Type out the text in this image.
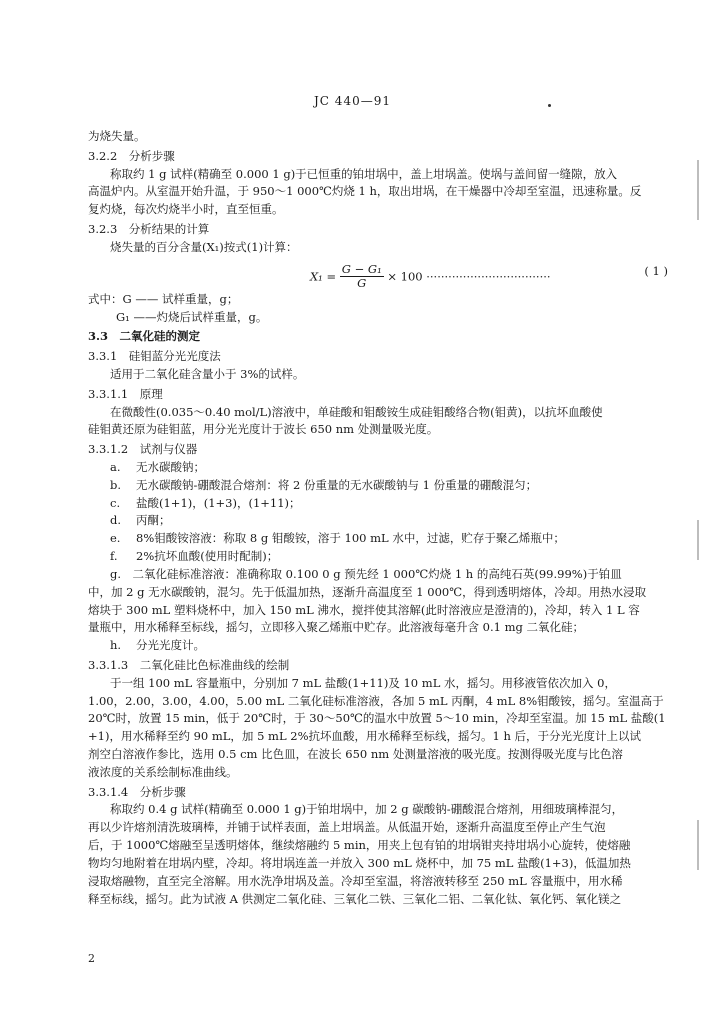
JC 440—91

为烧失量。

3.2.2　分析步骤

称取约 1 g 试样(精确至 0.000 1 g)于已恒重的铂坩埚中，盖上坩埚盖。使埚与盖间留一缝隙，放入

高温炉内。从室温开始升温，于 950～1 000℃灼烧 1 h，取出坩埚，在干燥器中冷却至室温，迅速称量。反

复灼烧，每次灼烧半小时，直至恒重。

3.2.3　分析结果的计算

烧失量的百分含量(X₁)按式(1)计算：

$X_1 = \frac{\text{G − G₁}}{G} \times 100$ ··································	( 1 )

式中：G —— 试样重量，g；

G₁ ——灼烧后试样重量，g。

3.3　二氧化硅的测定

3.3.1　硅钼蓝分光光度法

适用于二氧化硅含量小于 3%的试样。

3.3.1.1　原理

在微酸性(0.035～0.40 mol/L)溶液中，单硅酸和钼酸铵生成硅钼酸络合物(钼黄)，以抗坏血酸使

硅钼黄还原为硅钼蓝，用分光光度计于波长 650 nm 处测量吸光度。

3.3.1.2　试剂与仪器

a. 无水碳酸钠；

b. 无水碳酸钠-硼酸混合熔剂：将 2 份重量的无水碳酸钠与 1 份重量的硼酸混匀；

c. 盐酸(1+1)，(1+3)，(1+11)；

d. 丙酮；

e. 8%钼酸铵溶液：称取 8 g 钼酸铵，溶于 100 mL 水中，过滤，贮存于聚乙烯瓶中；

f. 2%抗坏血酸(使用时配制)；

g.　二氧化硅标准溶液：准确称取 0.100 0 g 预先经 1 000℃灼烧 1 h 的高纯石英(99.99%)于铂皿

中，加 2 g 无水碳酸钠，混匀。先于低温加热，逐渐升高温度至 1 000℃，得到透明熔体，冷却。用热水浸取

熔块于 300 mL 塑料烧杯中，加入 150 mL 沸水，搅拌使其溶解(此时溶液应是澄清的)，冷却，转入 1 L 容

量瓶中，用水稀释至标线，摇匀，立即移入聚乙烯瓶中贮存。此溶液每毫升含 0.1 mg 二氧化硅；

h. 分光光度计。

3.3.1.3　二氧化硅比色标准曲线的绘制

于一组 100 mL 容量瓶中，分别加 7 mL 盐酸(1+11)及 10 mL 水，摇匀。用移液管依次加入 0，

1.00，2.00，3.00，4.00，5.00 mL 二氧化硅标准溶液，各加 5 mL 丙酮，4 mL 8%钼酸铵，摇匀。室温高于

20℃时，放置 15 min，低于 20℃时，于 30～50℃的温水中放置 5～10 min，冷却至室温。加 15 mL 盐酸(1

+1)，用水稀释至约 90 mL，加 5 mL 2%抗坏血酸，用水稀释至标线，摇匀。1 h 后，于分光光度计上以试

剂空白溶液作参比，选用 0.5 cm 比色皿，在波长 650 nm 处测量溶液的吸光度。按测得吸光度与比色溶

液浓度的关系绘制标准曲线。

3.3.1.4　分析步骤

称取约 0.4 g 试样(精确至 0.000 1 g)于铂坩埚中，加 2 g 碳酸钠-硼酸混合熔剂，用细玻璃棒混匀，

再以少许熔剂清洗玻璃棒，并铺于试样表面，盖上坩埚盖。从低温开始，逐渐升高温度至停止产生气泡

后，于 1000℃熔融至呈透明熔体，继续熔融约 5 min，用夹上包有铂的坩埚钳夹持坩埚小心旋转，使熔融

物均匀地附着在坩埚内壁，冷却。将坩埚连盖一并放入 300 mL 烧杯中，加 75 mL 盐酸(1+3)，低温加热

浸取熔融物，直至完全溶解。用水洗净坩埚及盖。冷却至室温，将溶液转移至 250 mL 容量瓶中，用水稀

释至标线，摇匀。此为试液 A 供测定二氧化硅、三氧化二铁、三氧化二铝、二氧化钛、氧化钙、氧化镁之

2
